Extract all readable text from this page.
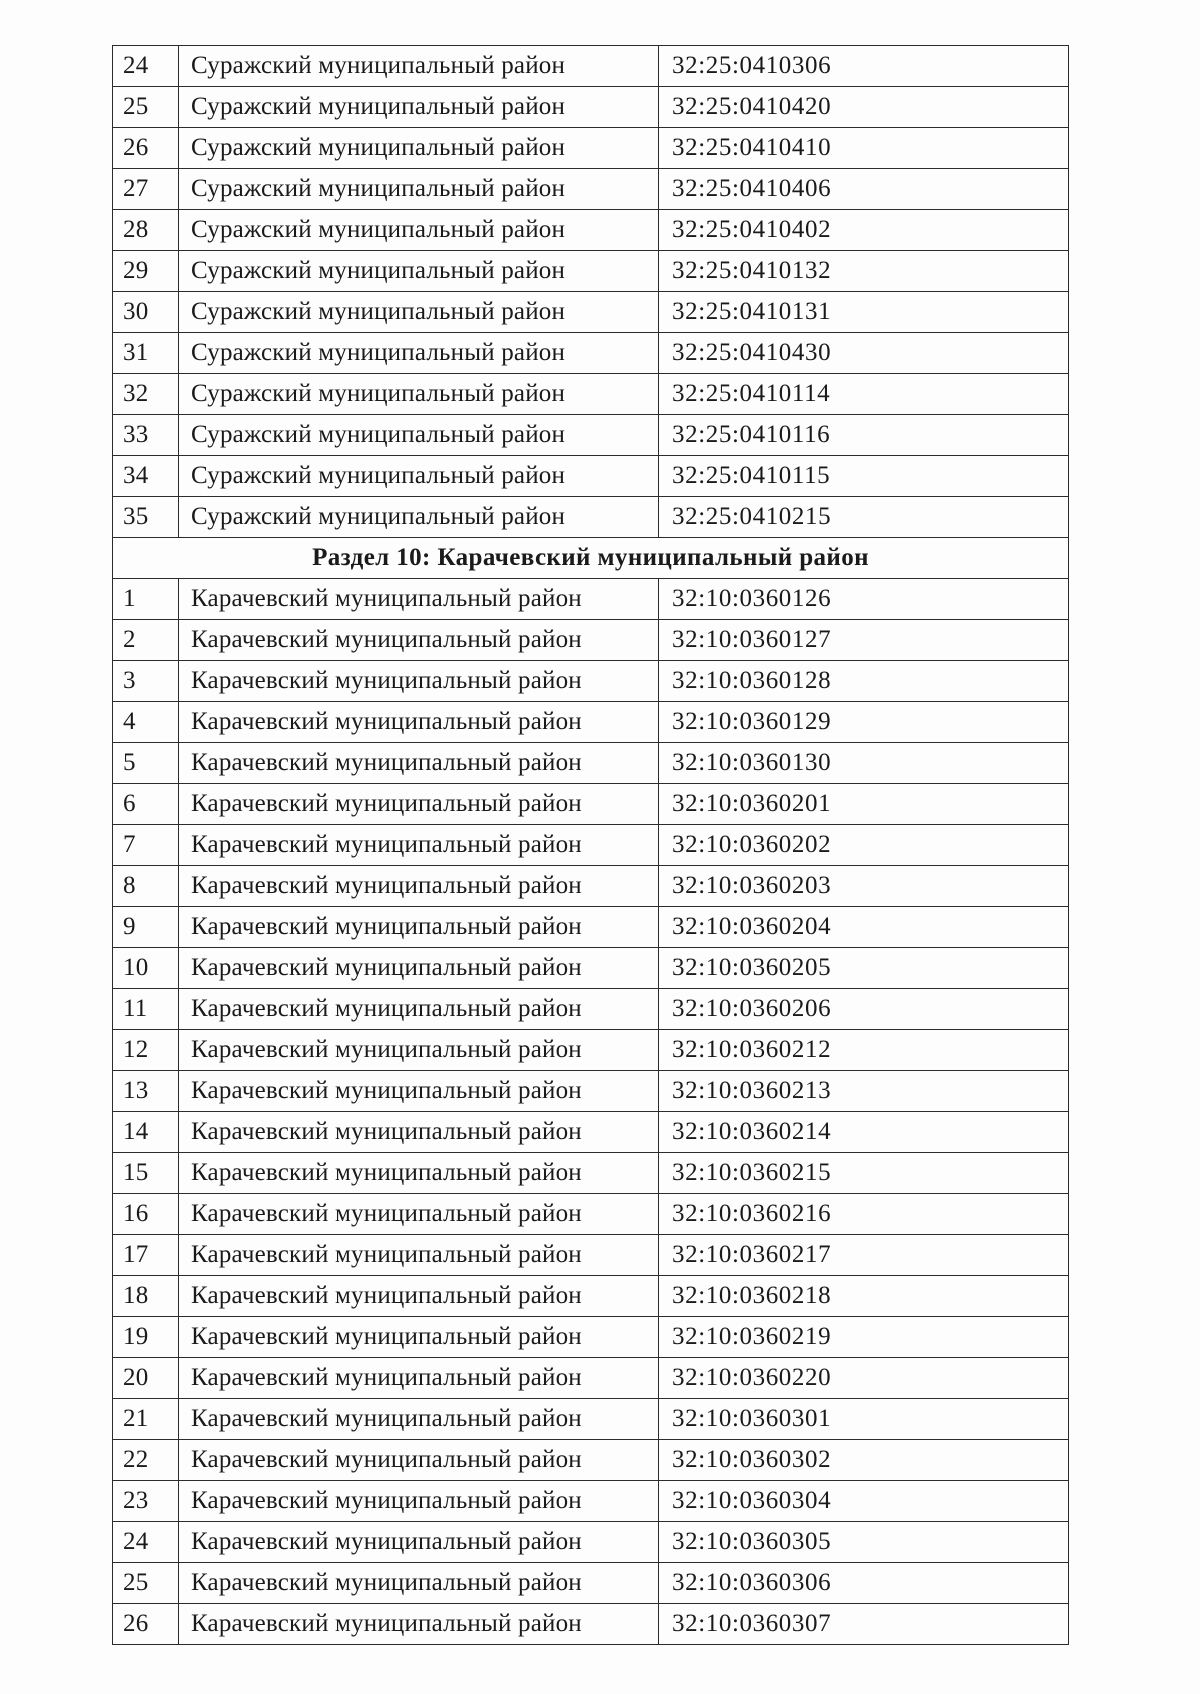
24	Суражский муниципальный район	32:25:0410306
25	Суражский муниципальный район	32:25:0410420
26	Суражский муниципальный район	32:25:0410410
27	Суражский муниципальный район	32:25:0410406
28	Суражский муниципальный район	32:25:0410402
29	Суражский муниципальный район	32:25:0410132
30	Суражский муниципальный район	32:25:0410131
31	Суражский муниципальный район	32:25:0410430
32	Суражский муниципальный район	32:25:0410114
33	Суражский муниципальный район	32:25:0410116
34	Суражский муниципальный район	32:25:0410115
35	Суражский муниципальный район	32:25:0410215
Раздел 10: Карачевский муниципальный район		
1	Карачевский муниципальный район	32:10:0360126
2	Карачевский муниципальный район	32:10:0360127
3	Карачевский муниципальный район	32:10:0360128
4	Карачевский муниципальный район	32:10:0360129
5	Карачевский муниципальный район	32:10:0360130
6	Карачевский муниципальный район	32:10:0360201
7	Карачевский муниципальный район	32:10:0360202
8	Карачевский муниципальный район	32:10:0360203
9	Карачевский муниципальный район	32:10:0360204
10	Карачевский муниципальный район	32:10:0360205
11	Карачевский муниципальный район	32:10:0360206
12	Карачевский муниципальный район	32:10:0360212
13	Карачевский муниципальный район	32:10:0360213
14	Карачевский муниципальный район	32:10:0360214
15	Карачевский муниципальный район	32:10:0360215
16	Карачевский муниципальный район	32:10:0360216
17	Карачевский муниципальный район	32:10:0360217
18	Карачевский муниципальный район	32:10:0360218
19	Карачевский муниципальный район	32:10:0360219
20	Карачевский муниципальный район	32:10:0360220
21	Карачевский муниципальный район	32:10:0360301
22	Карачевский муниципальный район	32:10:0360302
23	Карачевский муниципальный район	32:10:0360304
24	Карачевский муниципальный район	32:10:0360305
25	Карачевский муниципальный район	32:10:0360306
26	Карачевский муниципальный район	32:10:0360307
